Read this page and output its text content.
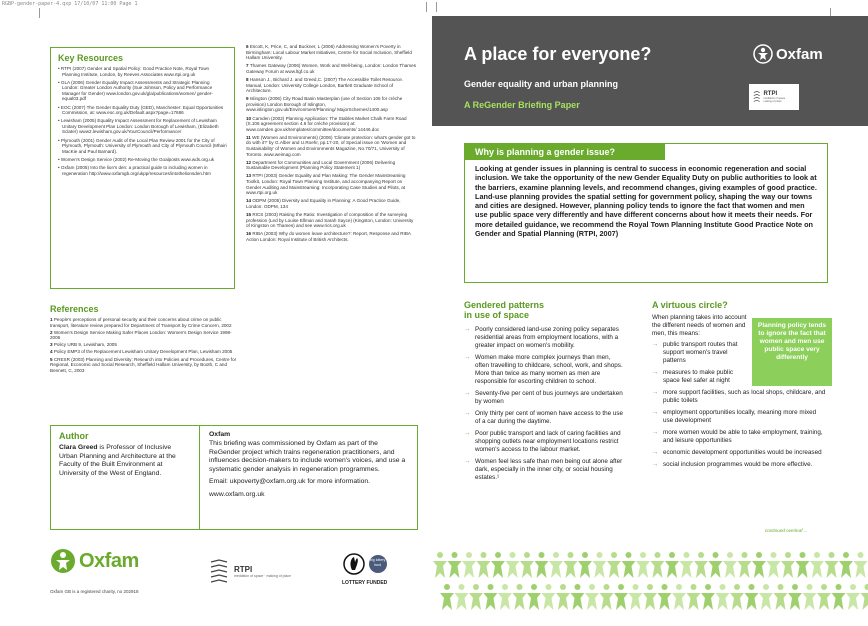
RGBP-gender-paper-4.qxp 17/10/07 11:00 Page 1
Key Resources
• RTPI (2007) Gender and Spatial Policy: Good Practice Note, Royal Town Planning Institute, London, by Reeves Associates www.rtpi.org.uk
• GLA (2006) Gender Equality Impact Assessments and Strategic Planning London: Greater London Authority (Sue Johnson, Policy and Performance Manager for Gender) www.london.gov.uk/gla/publications/women/ gender-equal03.pdf
• EOC (2007) The Gender Equality Duty (GED), Manchester: Equal Opportunities Commission, at: www.eoc.org.uk/Default.aspx?page=17686
• Lewisham (2005) Equality Impact Assessment for Replacement of Lewisham Unitary Development Plan London: London Borough of Lewisham, (Elizabeth Sclater) www2.lewisham.gov.uk/YourCouncil/Performance/
• Plymouth (2001) Gender Audit of the Local Plan Review 2001 for the City of Plymouth, Plymouth: University of Plymouth and City of Plymouth Council (Mhairi MacKie and Paul Barnard).
• Women's Design Service (2002) Re-Moving the Goalposts www.wds.org.uk
• Oxfam (2005) Into the lion's den: a practical guide to including women in regeneration http://www.oxfamgb.org/ukpp/resources/intothelionsden.htm
References
1 People's perceptions of personal security and their concerns about crime on public transport, literature review prepared for Department of Transport by Crime Concern, 2002
2 Women's Design Service Making Safer Places London: Women's Design Service 1998-2006
3 Policy URB 9, Lewisham, 2005
4 Policy EMP3 of the Replacement Lewisham Unitary Development Plan, Lewisham 2005
5 CRESR (2003) Planning and Diversity: Research into Policies and Procedures, Centre for Regional, Economic and Social Research, Sheffield Hallam University, by Booth, C and Bennett, C, 2003
6 Escott, K, Price, C, and Buckner, L (2006) Addressing Women's Poverty in Birmingham: Local Labour Market Initiatives, Centre for Social Inclusion, Sheffield Hallam University.
7 Thames Gateway (2006) Women, Work and Well-being, London: London Thames Gateway Forum at www.ltgf.co.uk
8 Hanson J., Bichard J. and Greed,C. (2007) The Accessible Toilet Resource. Manual, London: University College London, Bartlett Graduate School of Architecture.
9 Islington (2006) City Road Basin Masterplan (use of Section 106 for crèche provision) London Borough of Islington, www.islington.gov.uk/Environment/Planning/ MajorSchemes/1400.asp
10 Camden (2002) Planning Application: The Stables Market Chalk Farm Road (S.106 agreement section 4.6 for crèche provision) at: www.camden.gov.uk/templates/committee/documents/ 14446.doc
11 WE (Women and Environments) (2006) 'Climate protection: what's gender got to do with it?' by G.Alber and U.Roehr, pp.17-20, of Special issue on 'Women and Sustainability' of Women and Environments Magazine, No.70/71, University of Toronto. www.weimag.com
12 Department for Communities and Local Government (2006) Delivering Sustainable Development (Planning Policy Statement 1)
13 RTPI (2003) Gender Equality and Plan Making: The Gender Mainstreaming Toolkit, London: Royal Town Planning Institute, and accompanying Report on Gender Auditing and Mainstreaming: Incorporating Case Studies and Pilots, at www.rtpi.org.uk
14 ODPM (2005) Diversity and Equality in Planning: A Good Practice Guide, London: ODPM, 134
15 RICS (2003) Raising the Ratio: Investigation of composition of the surveying profession (Led by Louise Ellman and Sarah Sayce) (Kingston, London: University of Kingston on Thames) and see www.rics.org.uk
16 RIBA (2003) Why do women leave architecture?: Report, Response and RIBA Action London: Royal Institute of British Architects.
Author
Clara Greed is Professor of Inclusive Urban Planning and Architecture at the Faculty of the Built Environment at University of the West of England.
Oxfam
This briefing was commissioned by Oxfam as part of the ReGender project which trains regeneration practitioners, and influences decision-makers to include women's voices, and use a systematic gender analysis in regeneration programmes.
Email: ukpoverty@oxfam.org.uk for more information.
www.oxfam.org.uk
Oxfam	RTPI
mediation of space · making of place
big lottery fund
LOTTERY FUNDED
Oxfam GB is a registered charity, no 202918
A place for everyone?
Gender equality and urban planning
A ReGender Briefing Paper
Oxfam
RTPI
mediation of space · making of place
Why is planning a gender issue?
Looking at gender issues in planning is central to success in economic regeneration and social inclusion. We take the opportunity of the new Gender Equality Duty on public authorities to look at the barriers, examine planning levels, and recommend changes, giving examples of good practice. Land-use planning provides the spatial setting for government policy, shaping the way our towns and cities are designed. However, planning policy tends to ignore the fact that women and men use public space very differently and have different concerns about how it meets their needs. For more detailed guidance, we recommend the Royal Town Planning Institute Good Practice Note on Gender and Spatial Planning (RTPI, 2007)
Gendered patterns
in use of space
→ Poorly considered land-use zoning policy separates residential areas from employment locations, with a greater impact on women's mobility.
→ Women make more complex journeys than men, often travelling to childcare, school, work, and shops. More than twice as many women as men are responsible for escorting children to school.
→ Seventy-five per cent of bus journeys are undertaken by women
→ Only thirty per cent of women have access to the use of a car during the daytime.
→ Poor public transport and lack of caring facilities and shopping outlets near employment locations restrict women's access to the labour market.
→ Women feel less safe than men being out alone after dark, especially in the inner city, or social housing estates.¹
A virtuous circle?
When planning takes into account the different needs of women and men, this means:
→ public transport routes that support women's travel patterns
→ measures to make public space feel safer at night
→ more support facilities, such as local shops, childcare, and public toilets
→ employment opportunities locally, meaning more mixed use development
→ more women would be able to take employment, training, and leisure opportunities
→ economic development opportunities would be increased
→ social inclusion programmes would be more effective.
Planning policy tends to ignore the fact that women and men use public space very differently
continued overleaf ...
